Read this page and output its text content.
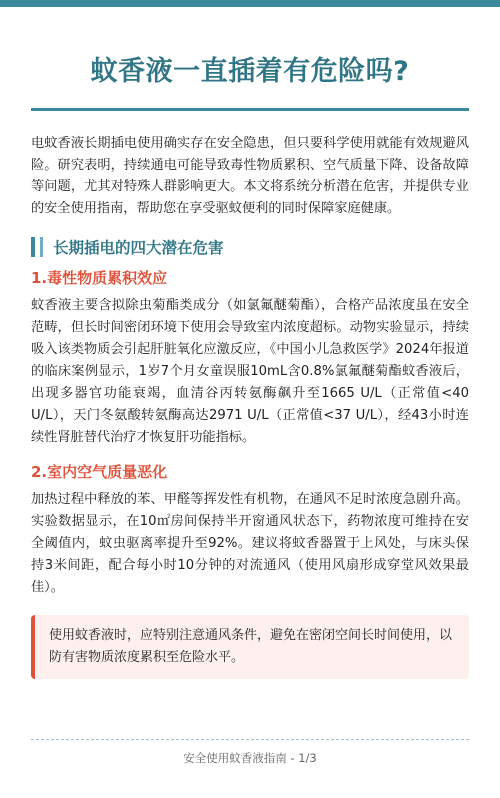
蚊香液一直插着有危险吗?

电蚊香液长期插电使用确实存在安全隐患，但只要科学使用就能有效规避风险。研究表明，持续通电可能导致毒性物质累积、空气质量下降、设备故障等问题，尤其对特殊人群影响更大。本文将系统分析潜在危害，并提供专业的安全使用指南，帮助您在享受驱蚊便利的同时保障家庭健康。

长期插电的四大潜在危害
1.毒性物质累积效应

蚊香液主要含拟除虫菊酯类成分（如氯氟醚菊酯），合格产品浓度虽在安全范畴，但长时间密闭环境下使用会导致室内浓度超标。动物实验显示，持续吸入该类物质会引起肝脏氧化应激反应，《中国小儿急救医学》2024年报道的临床案例显示，1岁7个月女童误服10mL含0.8%氯氟醚菊酯蚊香液后，出现多器官功能衰竭，血清谷丙转氨酶飙升至1665 U/L（正常值<40 U/L），天门冬氨酸转氨酶高达2971 U/L（正常值<37 U/L），经43小时连续性肾脏替代治疗才恢复肝功能指标。

2.室内空气质量恶化

加热过程中释放的苯、甲醛等挥发性有机物，在通风不足时浓度急剧升高。实验数据显示，在10㎡房间保持半开窗通风状态下，药物浓度可维持在安全阈值内，蚊虫驱离率提升至92%。建议将蚊香器置于上风处，与床头保持3米间距，配合每小时10分钟的对流通风（使用风扇形成穿堂风效果最佳）。

使用蚊香液时，应特别注意通风条件，避免在密闭空间长时间使用，以防有害物质浓度累积至危险水平。
安全使用蚊香液指南 - 1/3
